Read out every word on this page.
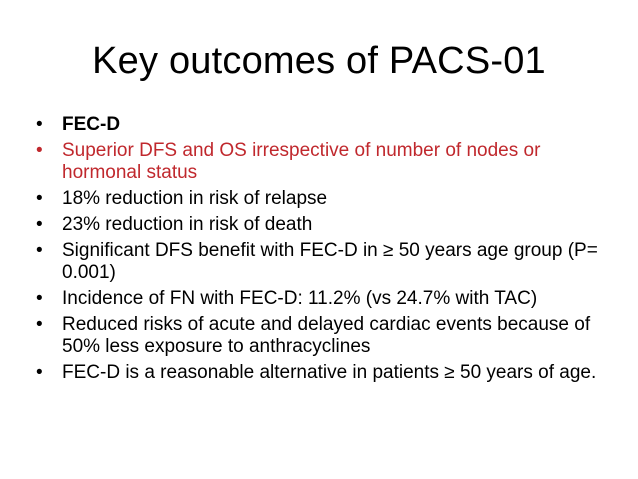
Key outcomes of PACS-01
•	FEC-D
•	Superior DFS and OS irrespective of number of nodes or hormonal status
•	18% reduction in risk of relapse
•	23% reduction in risk of death
•	Significant DFS benefit with FEC-D in ≥ 50 years age group (P= 0.001)
•	Incidence of FN with FEC-D: 11.2% (vs 24.7% with TAC)
•	Reduced risks of acute and delayed cardiac events because of 50% less exposure to anthracyclines
•	FEC-D is a reasonable alternative in patients ≥ 50 years of age.
